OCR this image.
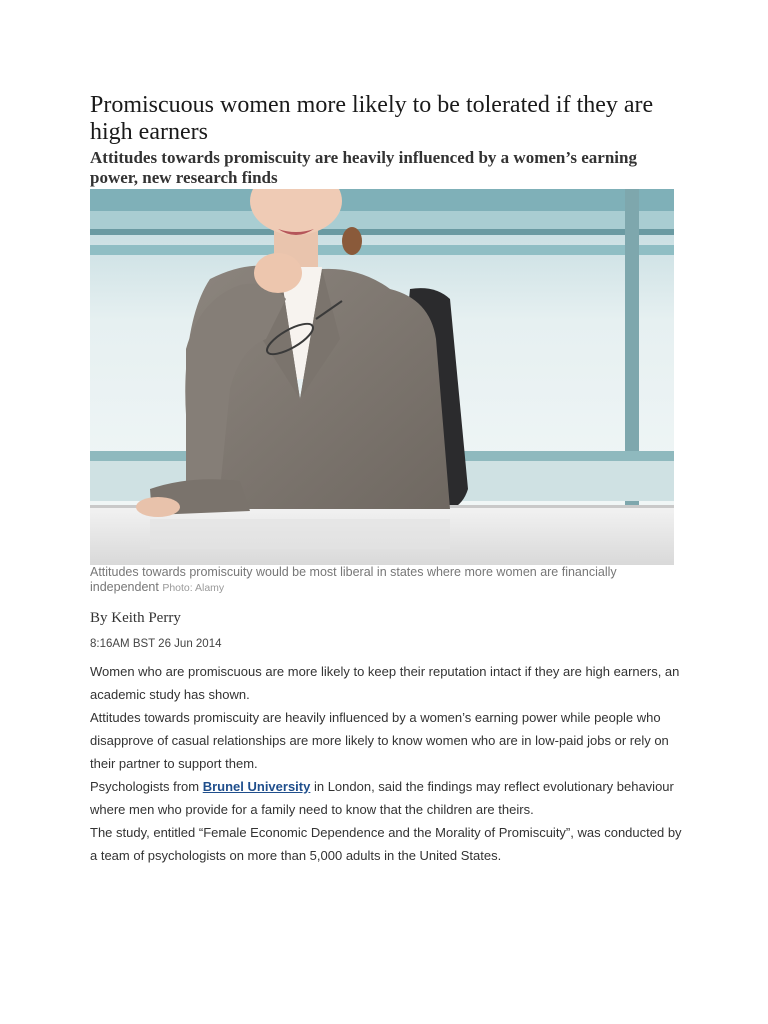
Promiscuous women more likely to be tolerated if they are high earners
Attitudes towards promiscuity are heavily influenced by a women’s earning power, new research finds

Attitudes towards promiscuity would be most liberal in states where more women are financially independent Photo: Alamy

By Keith Perry
8:16AM BST 26 Jun 2014

Women who are promiscuous are more likely to keep their reputation intact if they are high earners, an academic study has shown.

Attitudes towards promiscuity are heavily influenced by a women’s earning power while people who disapprove of casual relationships are more likely to know women who are in low-paid jobs or rely on their partner to support them.

Psychologists from Brunel University in London, said the findings may reflect evolutionary behaviour where men who provide for a family need to know that the children are theirs.

The study, entitled “Female Economic Dependence and the Morality of Promiscuity”, was conducted by a team of psychologists on more than 5,000 adults in the United States.
